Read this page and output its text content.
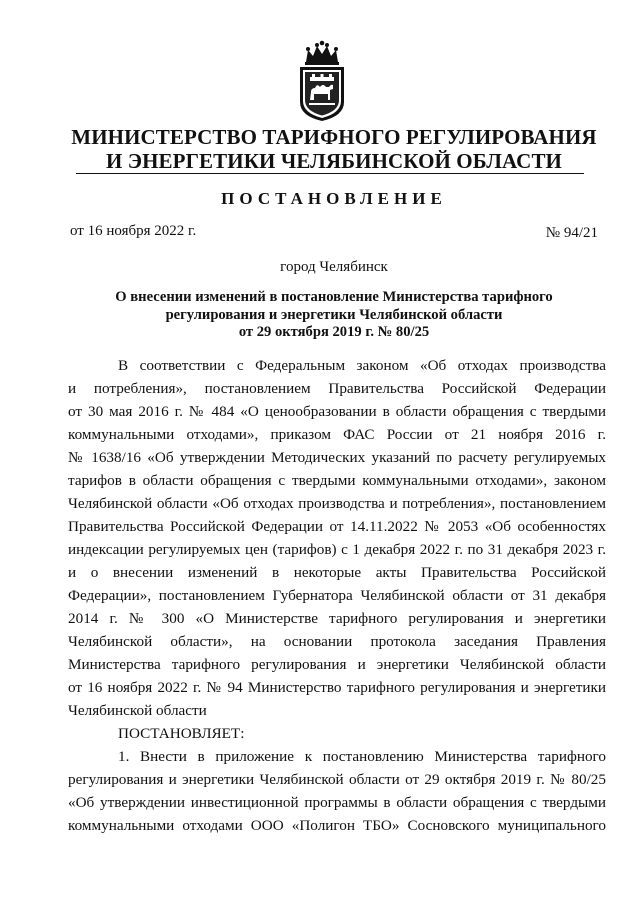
МИНИСТЕРСТВО ТАРИФНОГО РЕГУЛИРОВАНИЯ
И ЭНЕРГЕТИКИ ЧЕЛЯБИНСКОЙ ОБЛАСТИ
ПОСТАНОВЛЕНИЕ
от 16 ноября 2022 г.	№ 94/21
город Челябинск
О внесении изменений в постановление Министерства тарифного
регулирования и энергетики Челябинской области
от 29 октября 2019 г. № 80/25
В соответствии с Федеральным законом «Об отходах производства
и потребления», постановлением Правительства Российской Федерации
от 30 мая 2016 г. № 484 «О ценообразовании в области обращения с твердыми
коммунальными отходами», приказом ФАС России от 21 ноября 2016 г.
№ 1638/16 «Об утверждении Методических указаний по расчету регулируемых
тарифов в области обращения с твердыми коммунальными отходами», законом
Челябинской области «Об отходах производства и потребления», постановлением
Правительства Российской Федерации от 14.11.2022 № 2053 «Об особенностях
индексации регулируемых цен (тарифов) с 1 декабря 2022 г. по 31 декабря 2023 г.
и о внесении изменений в некоторые акты Правительства Российской
Федерации», постановлением Губернатора Челябинской области от 31 декабря
2014 г. № 300 «О Министерстве тарифного регулирования и энергетики
Челябинской области», на основании протокола заседания Правления
Министерства тарифного регулирования и энергетики Челябинской области
от 16 ноября 2022 г. № 94 Министерство тарифного регулирования и энергетики
Челябинской области
ПОСТАНОВЛЯЕТ:
1. Внести в приложение к постановлению Министерства тарифного
регулирования и энергетики Челябинской области от 29 октября 2019 г. № 80/25
«Об утверждении инвестиционной программы в области обращения с твердыми
коммунальными отходами ООО «Полигон ТБО» Сосновского муниципального
